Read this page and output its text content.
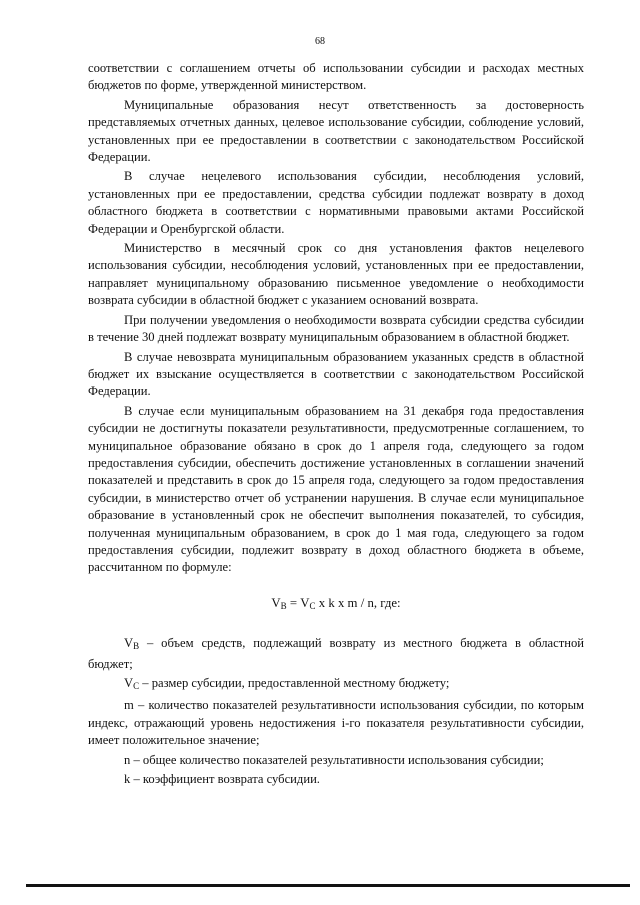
68

соответствии с соглашением отчеты об использовании субсидии и расходах местных бюджетов по форме, утвержденной министерством.

Муниципальные образования несут ответственность за достоверность представляемых отчетных данных, целевое использование субсидии, соблюдение условий, установленных при ее предоставлении в соответствии с законодательством Российской Федерации.

В случае нецелевого использования субсидии, несоблюдения условий, установленных при ее предоставлении, средства субсидии подлежат возврату в доход областного бюджета в соответствии с нормативными правовыми актами Российской Федерации и Оренбургской области.

Министерство в месячный срок со дня установления фактов нецелевого использования субсидии, несоблюдения условий, установленных при ее предоставлении, направляет муниципальному образованию письменное уведомление о необходимости возврата субсидии в областной бюджет с указанием оснований возврата.

При получении уведомления о необходимости возврата субсидии средства субсидии в течение 30 дней подлежат возврату муниципальным образованием в областной бюджет.

В случае невозврата муниципальным образованием указанных средств в областной бюджет их взыскание осуществляется в соответствии с законодательством Российской Федерации.

В случае если муниципальным образованием на 31 декабря года предоставления субсидии не достигнуты показатели результативности, предусмотренные соглашением, то муниципальное образование обязано в срок до 1 апреля года, следующего за годом предоставления субсидии, обеспечить достижение установленных в соглашении значений показателей и представить в срок до 15 апреля года, следующего за годом предоставления субсидии, в министерство отчет об устранении нарушения. В случае если муниципальное образование в установленный срок не обеспечит выполнения показателей, то субсидия, полученная муниципальным образованием, в срок до 1 мая года, следующего за годом предоставления субсидии, подлежит возврату в доход областного бюджета в объеме, рассчитанном по формуле:

$V_В = V_С$ x k x m / n, где:

$V_В$ – объем средств, подлежащий возврату из местного бюджета в областной бюджет;

$V_С$ – размер субсидии, предоставленной местному бюджету;

m – количество показателей результативности использования субсидии, по которым индекс, отражающий уровень недостижения i-го показателя результативности субсидии, имеет положительное значение;

n – общее количество показателей результативности использования субсидии;

k – коэффициент возврата субсидии.
